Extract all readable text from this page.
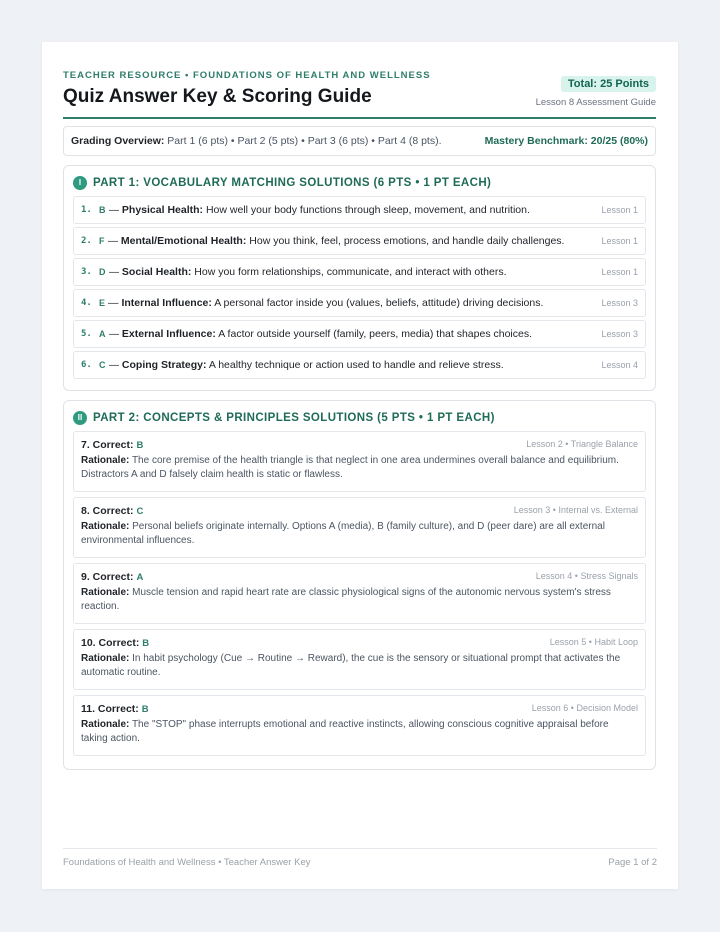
TEACHER RESOURCE • FOUNDATIONS OF HEALTH AND WELLNESS
Quiz Answer Key & Scoring Guide
Total: 25 Points
Lesson 8 Assessment Guide
Grading Overview: Part 1 (6 pts) • Part 2 (5 pts) • Part 3 (6 pts) • Part 4 (8 pts).	Mastery Benchmark: 20/25 (80%)
I	PART 1: VOCABULARY MATCHING SOLUTIONS (6 PTS • 1 PT EACH)
1. B — Physical Health: How well your body functions through sleep, movement, and nutrition.	Lesson 1
2. F — Mental/Emotional Health: How you think, feel, process emotions, and handle daily challenges.	Lesson 1
3. D — Social Health: How you form relationships, communicate, and interact with others.	Lesson 1
4. E — Internal Influence: A personal factor inside you (values, beliefs, attitude) driving decisions.	Lesson 3
5. A — External Influence: A factor outside yourself (family, peers, media) that shapes choices.	Lesson 3
6. C — Coping Strategy: A healthy technique or action used to handle and relieve stress.	Lesson 4
II PART 2: CONCEPTS & PRINCIPLES SOLUTIONS (5 PTS • 1 PT EACH)
7. Correct: B	Lesson 2 • Triangle Balance
Rationale: The core premise of the health triangle is that neglect in one area undermines overall balance and equilibrium. Distractors A and D falsely claim health is static or flawless.
8. Correct: C	Lesson 3 • Internal vs. External
Rationale: Personal beliefs originate internally. Options A (media), B (family culture), and D (peer dare) are all external environmental influences.
9. Correct: A	Lesson 4 • Stress Signals
Rationale: Muscle tension and rapid heart rate are classic physiological signs of the autonomic nervous system's stress reaction.
10. Correct: B	Lesson 5 • Habit Loop
Rationale: In habit psychology (Cue → Routine → Reward), the cue is the sensory or situational prompt that activates the automatic routine.
11. Correct: B	Lesson 6 • Decision Model
Rationale: The "STOP" phase interrupts emotional and reactive instincts, allowing conscious cognitive appraisal before taking action.
Foundations of Health and Wellness • Teacher Answer Key	Page 1 of 2
